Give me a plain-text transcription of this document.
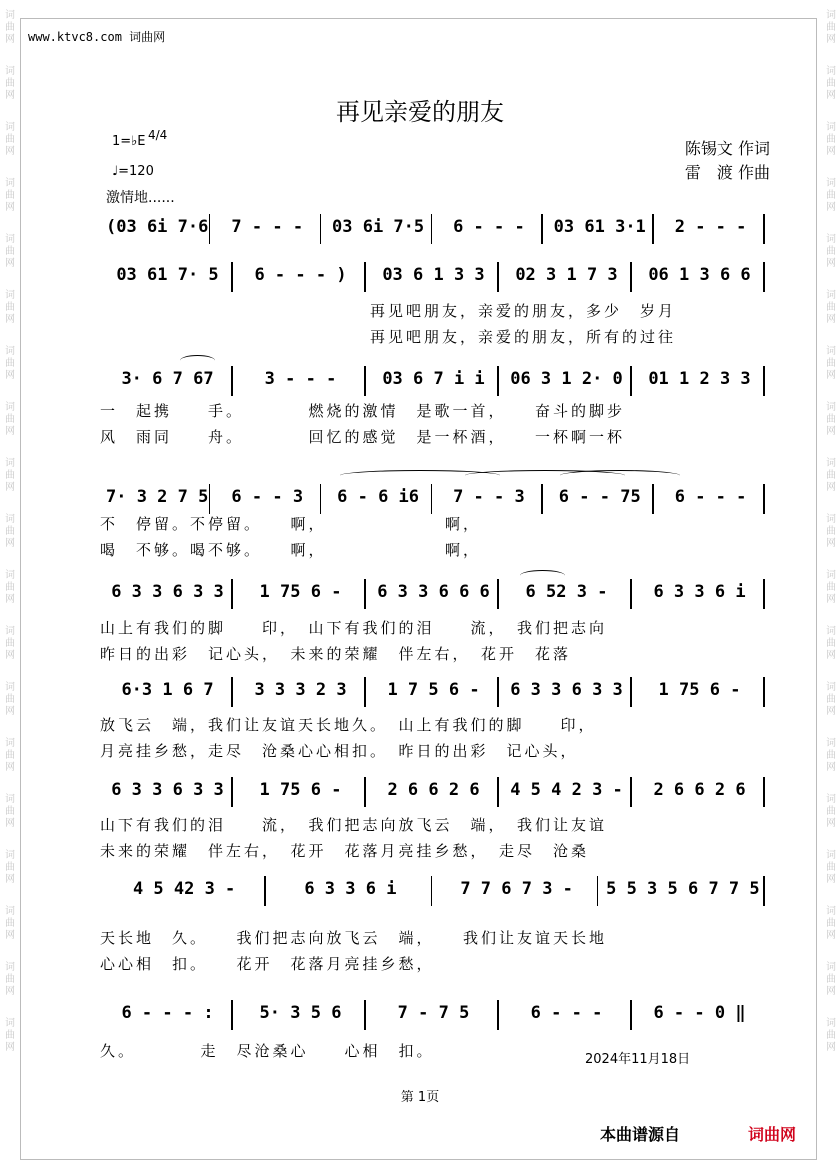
词
曲
网
词
曲
网
词
曲
网
词
曲
网
词
曲
网
词
曲
网
词
曲
网
词
曲
网
词
曲
网
词
曲
网
词
曲
网
词
曲
网
词
曲
网
词
曲
网
词
曲
网
词
曲
网
词
曲
网
词
曲
网
词
曲
网
词
曲
网
词
曲
网
词
曲
网
词
曲
网
词
曲
网
词
曲
网
词
曲
网
词
曲
网
词
曲
网
词
曲
网
词
曲
网
词
曲
网
词
曲
网
词
曲
网
词
曲
网
词
曲
网
词
曲
网
词
曲
网
词
曲
网
www.ktvc8.com 词曲网
再见亲爱的朋友
1=♭E 4/4
♩=120
激情地......
陈锡文 作词
雷　渡 作曲
(03 6i 7·6	7 - - -	03 6i 7·5	6 - - -	03 61 3·1	2 - - -
03 61 7· 5	6 - - - )	03 6 1 3 3	02 3 1 7 3	06 1 3 6 6
3· 6 7 67	3 - - -	03 6 7 i i	06 3 1 2· 0	01 1 2 3 3
7· 3 2 7 5	6 - - 3	6 - 6 i6	7 - - 3	6 - - 75	6 - - -
6 3 3 6 3 3	1 75 6 -	6 3 3 6 6 6	6 52 3 -	6 3 3 6 i
6·3 1 6 7	3 3 3 2 3	1 7 5 6 -	6 3 3 6 3 3	1 75 6 -
6 3 3 6 3 3	1 75 6 -	2 6 6 2 6	4 5 4 2 3 -	2 6 6 2 6
4 5 42 3 -	6 3 3 6 i	7 7 6 7 3 -	5 5 3 5 6 7 7 5
6 - - - :	5· 3 5 6	7 - 7 5	6 - - -	6 - - 0 ‖
再见吧朋友，亲爱的朋友，多少　岁月
再见吧朋友，亲爱的朋友，所有的过往
一　起携　　手。　　　　燃烧的激情　是歌一首，　　奋斗的脚步
风　雨同　　舟。　　　　回忆的感觉　是一杯酒，　　一杯啊一杯
不　停留。不停留。　　啊，　　　　　　　啊，
喝　不够。喝不够。　　啊，　　　　　　　啊，
山上有我们的脚　　印，　山下有我们的泪　　流，　我们把志向
昨日的出彩　记心头，　未来的荣耀　伴左右，　花开　花落
放飞云　端，我们让友谊天长地久。　山上有我们的脚　　印，
月亮挂乡愁，走尽　沧桑心心相扣。　昨日的出彩　记心头，
山下有我们的泪　　流，　我们把志向放飞云　端，　我们让友谊
未来的荣耀　伴左右，　花开　花落月亮挂乡愁，　走尽　沧桑
天长地　久。　　我们把志向放飞云　端，　　我们让友谊天长地
心心相　扣。　　花开　花落月亮挂乡愁，
久。　　　　走　尽沧桑心　　心相　扣。	2024年11月18日
第 1页
本曲谱源自	词曲网
